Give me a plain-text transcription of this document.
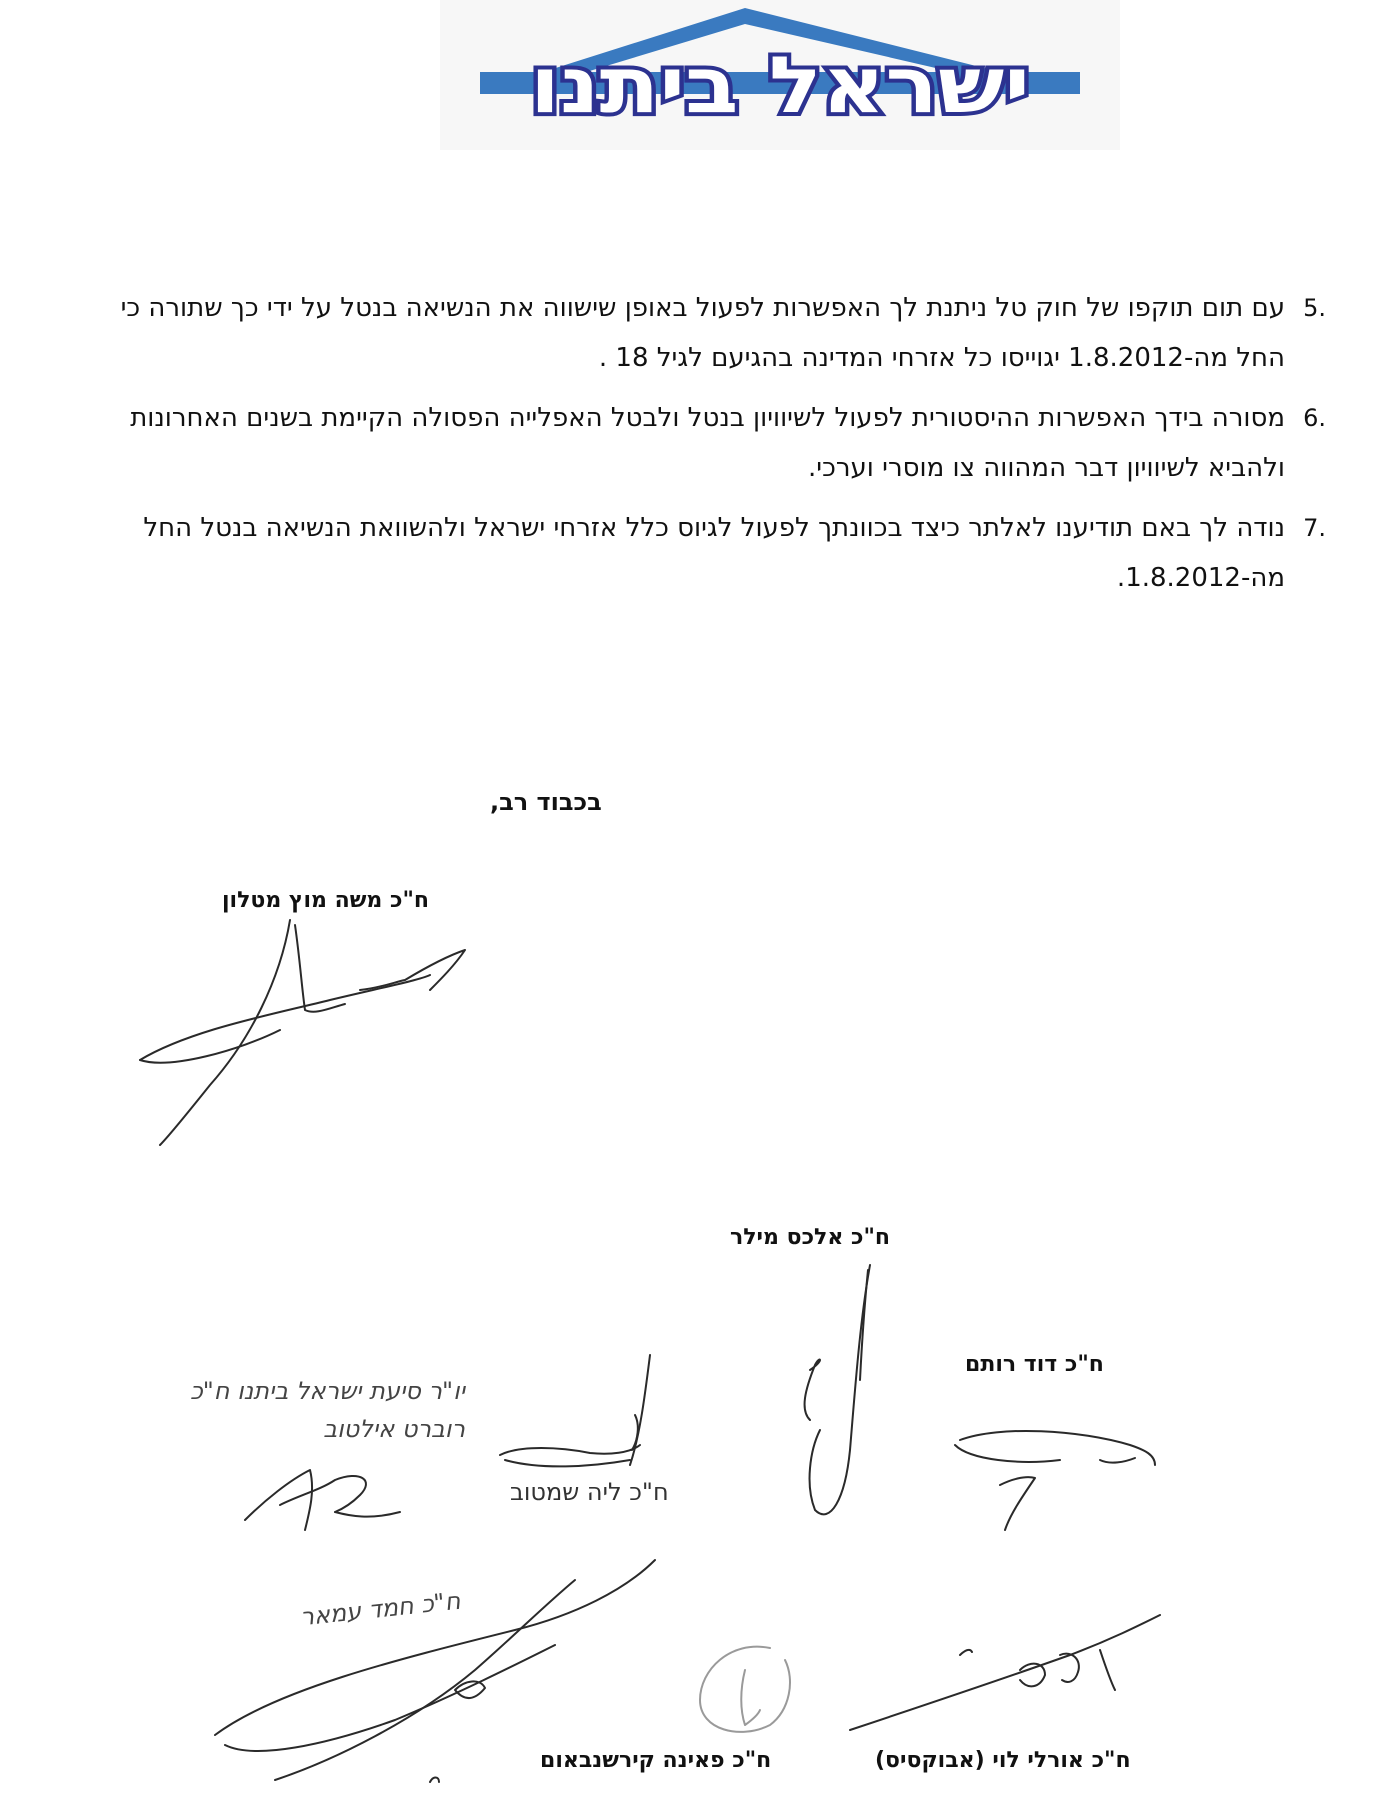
ישראל ביתנו
5.
עם תום תוקפו של חוק טל ניתנת לך האפשרות לפעול באופן שישווה את הנשיאה בנטל על ידי כך שתורה כי החל מה-1.8.2012 יגוייסו כל אזרחי המדינה בהגיעם לגיל 18 .
6.
מסורה בידך האפשרות ההיסטורית לפעול לשיוויון בנטל ולבטל האפלייה הפסולה הקיימת בשנים האחרונות ולהביא לשיוויון דבר המהווה צו מוסרי וערכי.
7.
נודה לך באם תודיענו לאלתר כיצד בכוונתך לפעול לגיוס כלל אזרחי ישראל ולהשוואת הנשיאה בנטל החל מה-1.8.2012.
בכבוד רב,
ח"כ משה מוץ מטלון
ח"כ אלכס מילר
ח"כ דוד רותם
ח"כ ליה שמטוב
יו"ר סיעת ישראל ביתנו ח"כ רוברט אילטוב
ח"כ חמד עמאר
ח"כ פאינה קירשנבאום	ח"כ אורלי לוי (אבוקסיס)
